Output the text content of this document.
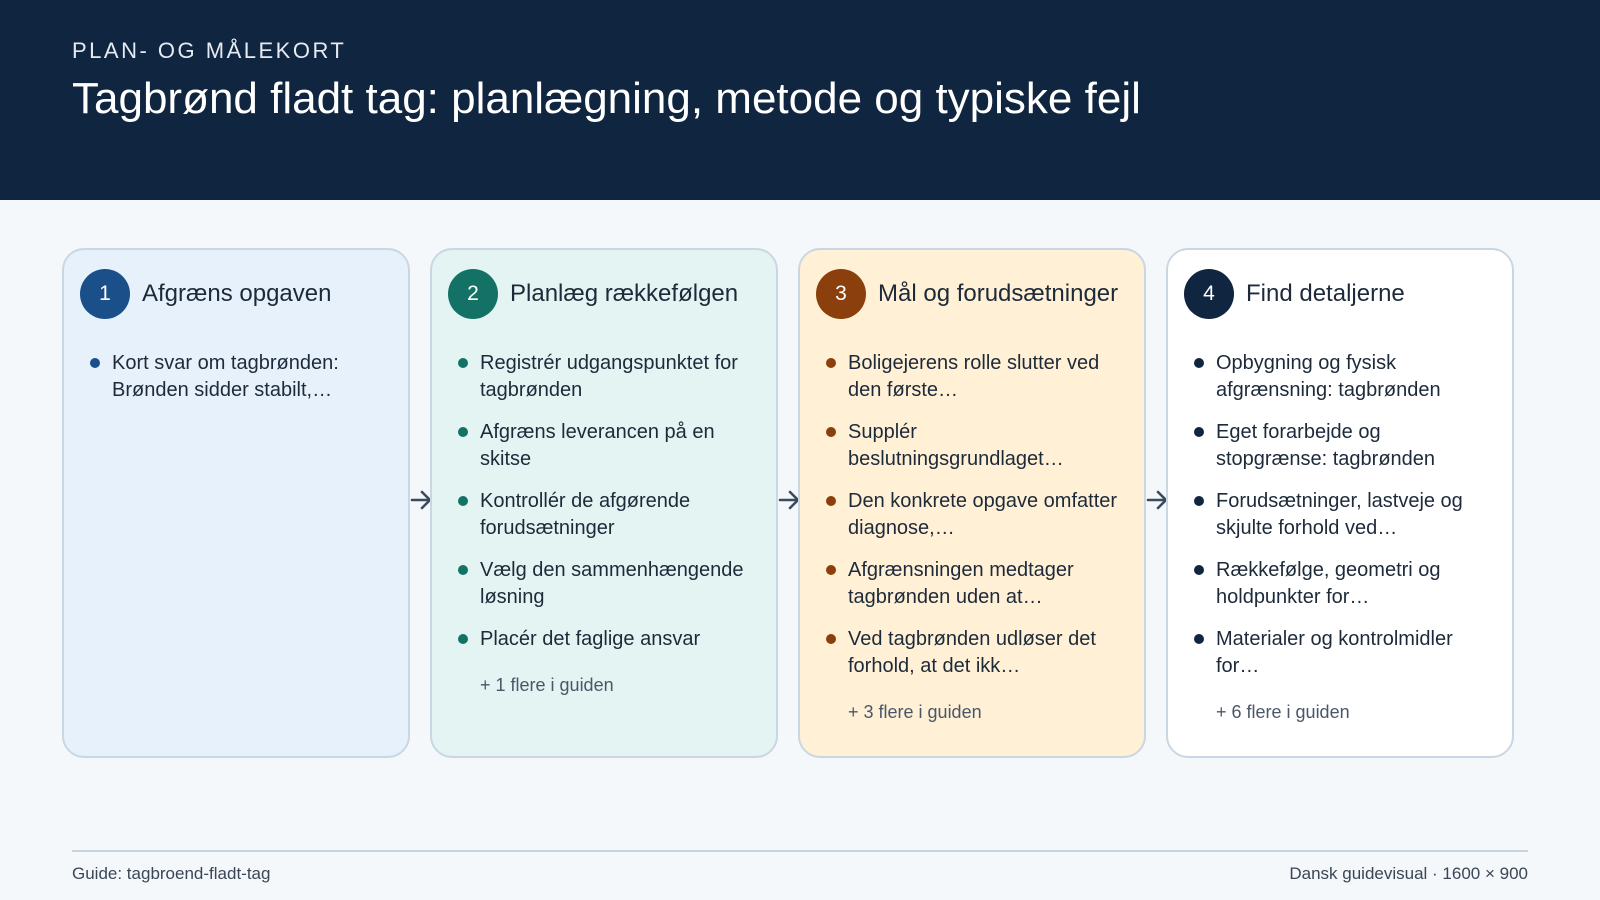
PLAN- OG MÅLEKORT
Tagbrønd fladt tag: planlægning, metode og typiske fejl
1	Afgræns opgaven
Kort svar om tagbrønden: Brønden sidder stabilt,…
2	Planlæg rækkefølgen
Registrér udgangspunktet for tagbrønden
Afgræns leverancen på en skitse
Kontrollér de afgørende forudsætninger
Vælg den sammenhængende løsning
Placér det faglige ansvar
+ 1 flere i guiden
3	Mål og forudsætninger
Boligejerens rolle slutter ved den første…
Supplér beslutningsgrundlaget…
Den konkrete opgave omfatter diagnose,…
Afgrænsningen medtager tagbrønden uden at…
Ved tagbrønden udløser det forhold, at det ikk…
+ 3 flere i guiden
4	Find detaljerne
Opbygning og fysisk afgrænsning: tagbrønden
Eget forarbejde og stopgrænse: tagbrønden
Forudsætninger, lastveje og skjulte forhold ved…
Rækkefølge, geometri og holdpunkter for…
Materialer og kontrolmidler for…
+ 6 flere i guiden
Guide: tagbroend-fladt-tag	Dansk guidevisual · 1600 × 900
